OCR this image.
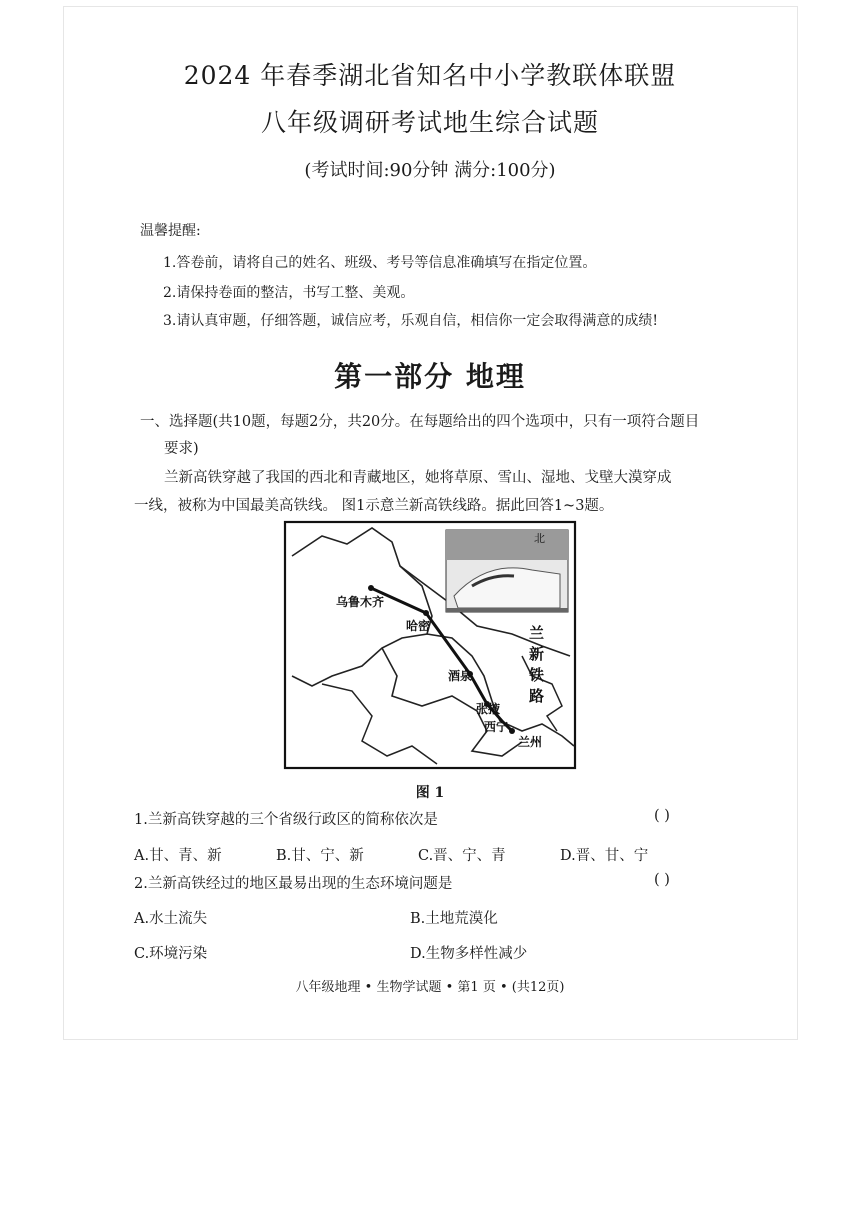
2024 年春季湖北省知名中小学教联体联盟
八年级调研考试地生综合试题
(考试时间:90分钟 满分:100分)
温馨提醒:
1.答卷前，请将自己的姓名、班级、考号等信息准确填写在指定位置。
2.请保持卷面的整洁，书写工整、美观。
3.请认真审题，仔细答题，诚信应考，乐观自信，相信你一定会取得满意的成绩!
第一部分 地理
一、选择题(共10题，每题2分，共20分。在每题给出的四个选项中，只有一项符合题目
要求)
兰新高铁穿越了我国的西北和青藏地区，她将草原、雪山、湿地、戈壁大漠穿成
一线，被称为中国最美高铁线。 图1示意兰新高铁线路。据此回答1~3题。
北
乌鲁木齐
哈密
酒泉
张掖
西宁
兰州
兰
新
铁
路
图 1
1.兰新高铁穿越的三个省级行政区的简称依次是	( )
A.甘、青、新	B.甘、宁、新	C.晋、宁、青	D.晋、甘、宁
2.兰新高铁经过的地区最易出现的生态环境问题是	( )
A.水土流失	B.土地荒漠化
C.环境污染	D.生物多样性减少
八年级地理 • 生物学试题 • 第1 页 • (共12页)
